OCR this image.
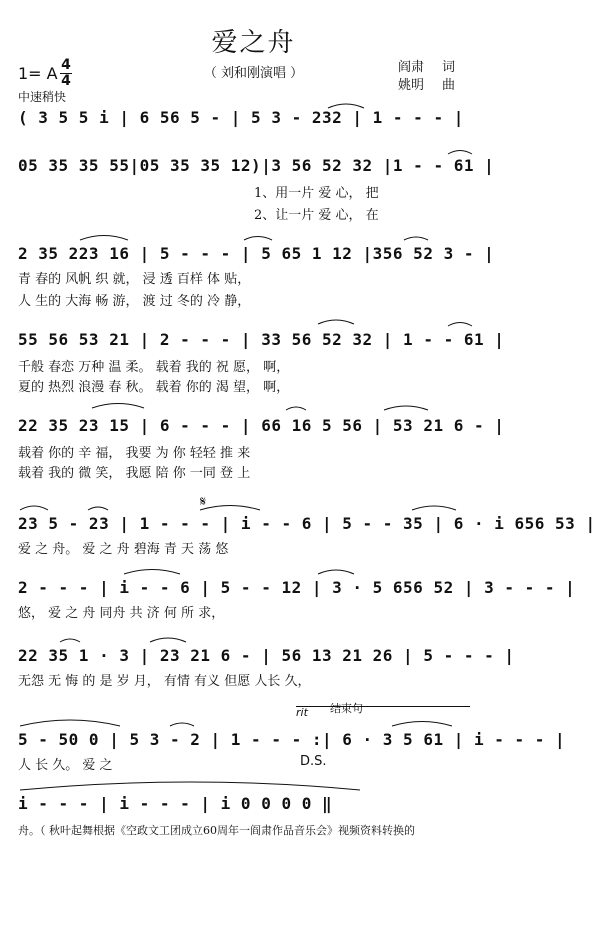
爱之舟
（ 刘和刚演唱 ）
1= A 4
4
中速稍快
阎肃 词
姚明 曲
( 3 5 5 i | 6 56 5 - | 5 3 - 232 | 1 - - - |
05 35 35 55|05 35 35 12)|3 56 52 32 |1 - - 61 |
1、用一片 爱 心， 把
2、让一片 爱 心， 在
2 35 223 16 | 5 - - - | 5 65 1 12 |356 52 3 - |
青 春的 风帆 织 就， 浸 透 百样 体 贴，
人 生的 大海 畅 游， 渡 过 冬的 冷 静，
55 56 53 21 | 2 - - - | 33 56 52 32 | 1 - - 61 |
千般 春恋 万种 温 柔。 载着 我的 祝 愿， 啊，
夏的 热烈 浪漫 春 秋。 载着 你的 渴 望， 啊，
22 35 23 15 | 6 - - - | 66 16 5 56 | 53 21 6 - |
载着 你的 辛 福， 我要 为 你 轻轻 推 来
载着 我的 微 笑， 我愿 陪 你 一同 登 上
𝄋
23 5 - 23 | 1 - - - | i - - 6 | 5 - - 35 | 6 · i 656 53 |
爱 之 舟。 爱 之 舟 碧海 青 天 荡 悠
2 - - - | i - - 6 | 5 - - 12 | 3 · 5 656 52 | 3 - - - |
悠， 爱 之 舟 同舟 共 济 何 所 求，
22 35 1 · 3 | 23 21 6 - | 56 13 21 26 | 5 - - - |
无怨 无 悔 的 是 岁 月， 有情 有义 但愿 人长 久，
rit 结束句
5 - 50 0 | 5 3 - 2 | 1 - - - :| 6 · 3 5 61 | i - - - |
人 长 久。 爱 之	D.S.
i - - - | i - - - | i 0 0 0 0 ‖
舟。（ 秋叶起舞根据《空政文工团成立60周年一阎肃作品音乐会》视频资料转换的
